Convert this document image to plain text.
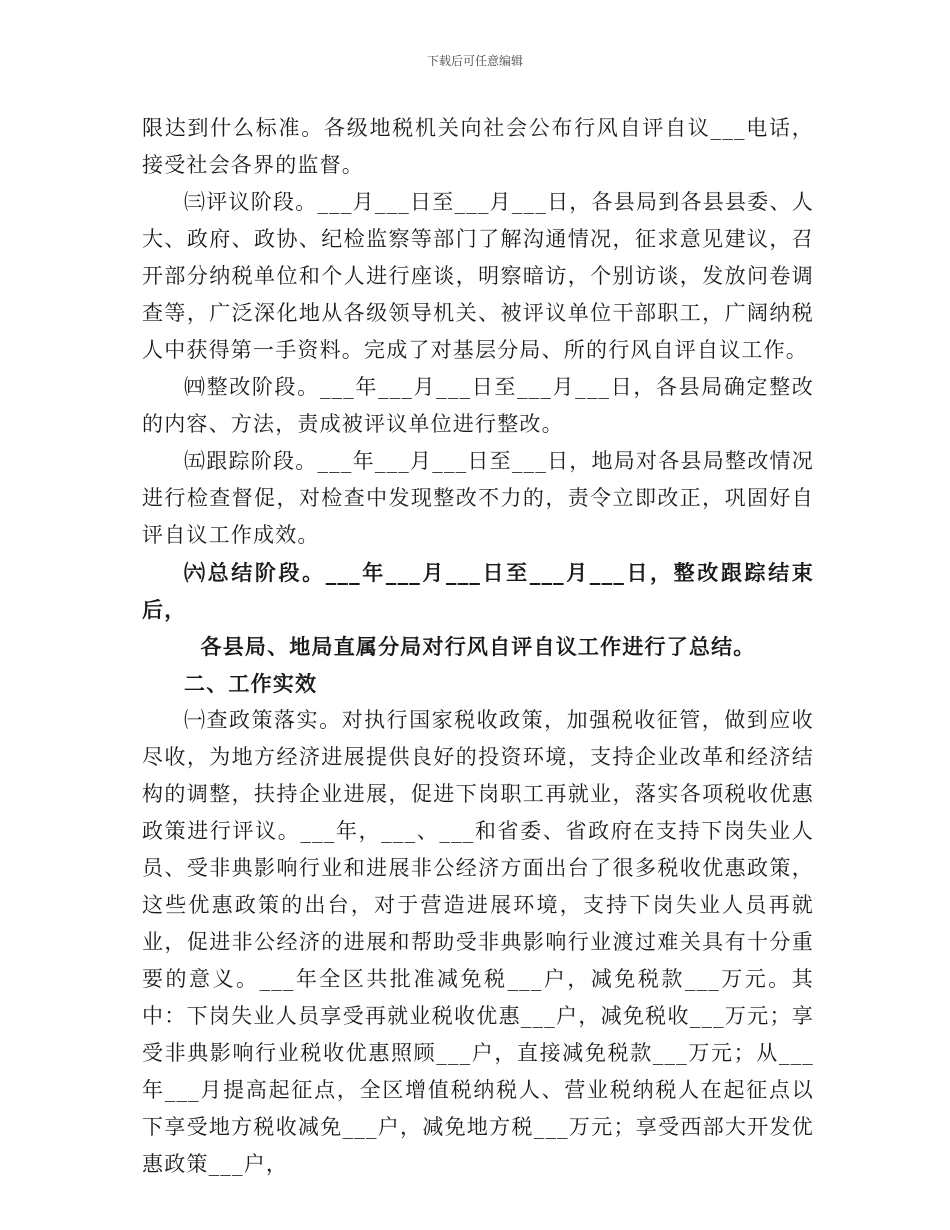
下载后可任意编辑

限达到什么标准。各级地税机关向社会公布行风自评自议___电话，接受社会各界的监督。

㈢评议阶段。___月___日至___月___日，各县局到各县县委、人大、政府、政协、纪检监察等部门了解沟通情况，征求意见建议，召开部分纳税单位和个人进行座谈，明察暗访，个别访谈，发放问卷调查等，广泛深化地从各级领导机关、被评议单位干部职工，广阔纳税人中获得第一手资料。完成了对基层分局、所的行风自评自议工作。

㈣整改阶段。___年___月___日至___月___日，各县局确定整改的内容、方法，责成被评议单位进行整改。

㈤跟踪阶段。___年___月___日至___日，地局对各县局整改情况进行检查督促，对检查中发现整改不力的，责令立即改正，巩固好自评自议工作成效。

㈥总结阶段。___年___月___日至___月___日，整改跟踪结束后，

各县局、地局直属分局对行风自评自议工作进行了总结。

二、工作实效

㈠查政策落实。对执行国家税收政策，加强税收征管，做到应收尽收，为地方经济进展提供良好的投资环境，支持企业改革和经济结构的调整，扶持企业进展，促进下岗职工再就业，落实各项税收优惠政策进行评议。___年，___、___和省委、省政府在支持下岗失业人员、受非典影响行业和进展非公经济方面出台了很多税收优惠政策，这些优惠政策的出台，对于营造进展环境，支持下岗失业人员再就业，促进非公经济的进展和帮助受非典影响行业渡过难关具有十分重要的意义。___年全区共批准减免税___户，减免税款___万元。其中：下岗失业人员享受再就业税收优惠___户，减免税收___万元；享受非典影响行业税收优惠照顾___户，直接减免税款___万元；从___年___月提高起征点，全区增值税纳税人、营业税纳税人在起征点以下享受地方税收减免___户，减免地方税___万元；享受西部大开发优惠政策___户，
